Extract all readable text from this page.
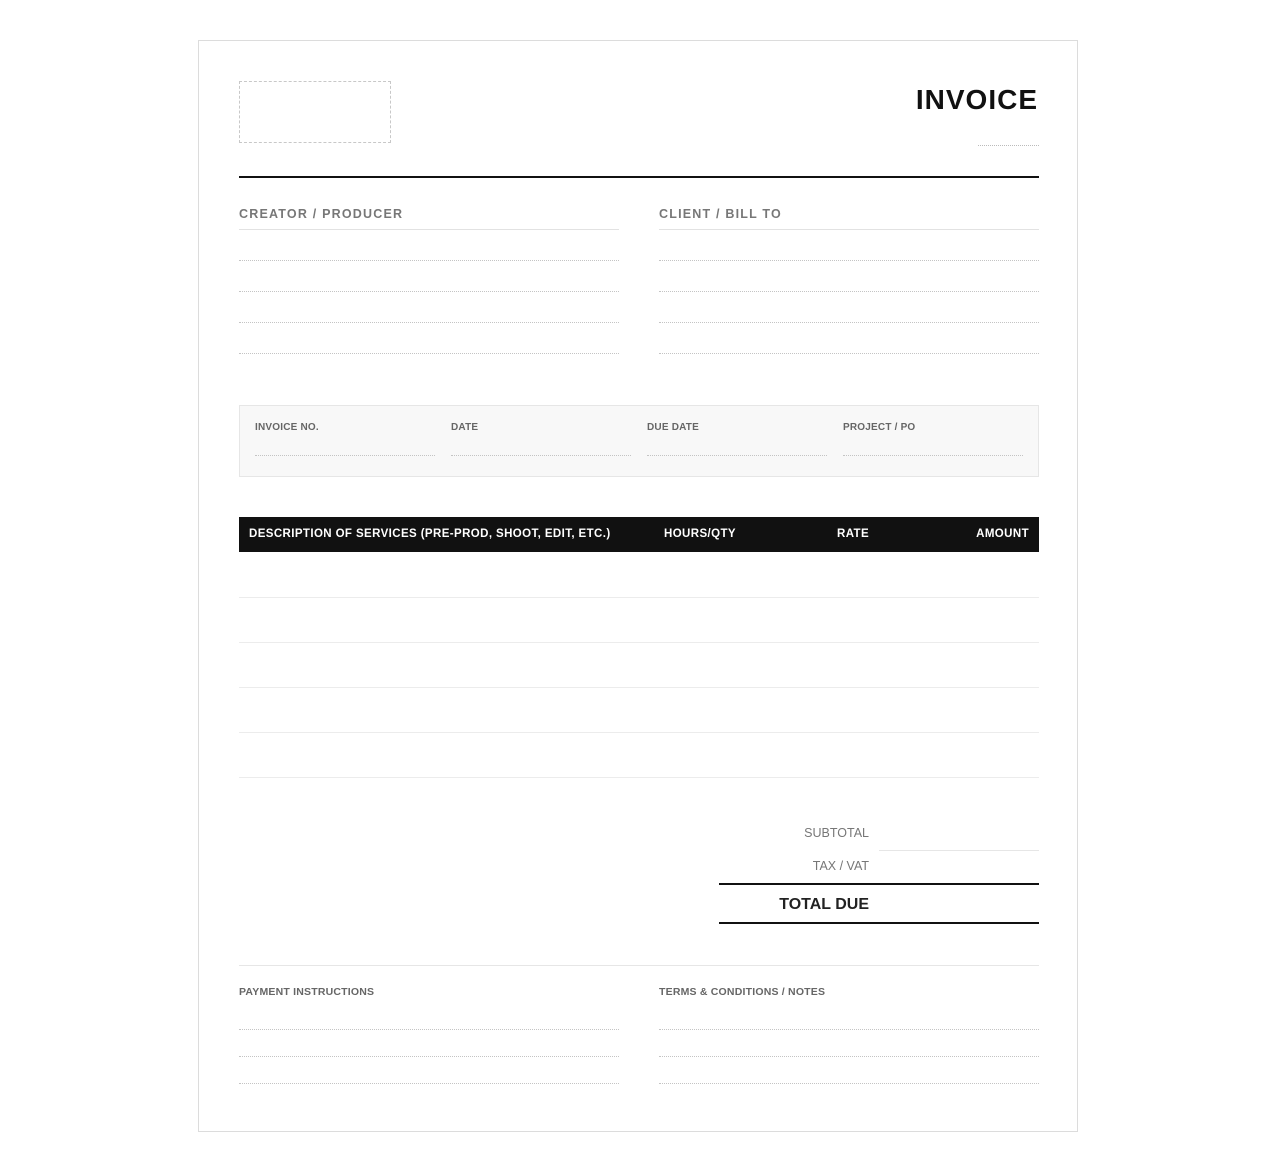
INVOICE
CREATOR / PRODUCER	CLIENT / BILL TO
INVOICE NO.	DATE	DUE DATE	PROJECT / PO
DESCRIPTION OF SERVICES (PRE-PROD, SHOOT, EDIT, ETC.)	HOURS/QTY	RATE	AMOUNT
SUBTOTAL
TAX / VAT
TOTAL DUE
PAYMENT INSTRUCTIONS	TERMS & CONDITIONS / NOTES
